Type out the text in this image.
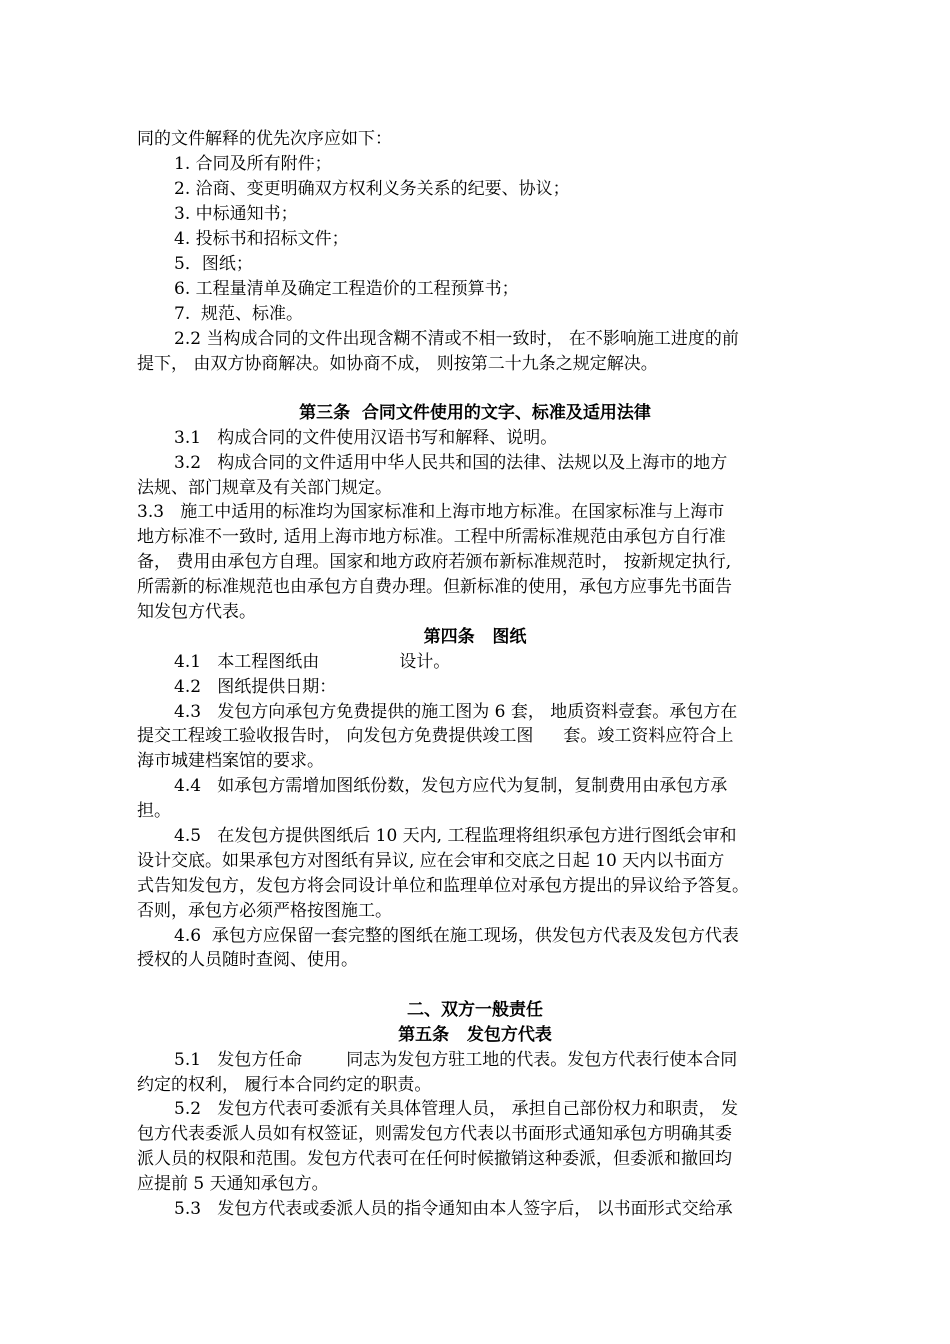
同的文件解释的优先次序应如下：
1. 合同及所有附件；
2. 洽商、变更明确双方权利义务关系的纪要、协议；
3. 中标通知书；
4. 投标书和招标文件；
5．图纸；
6. 工程量清单及确定工程造价的工程预算书；
7.  规范、标准。
2.2 当构成合同的文件出现含糊不清或不相一致时， 在不影响施工进度的前
提下， 由双方协商解决。如协商不成， 则按第二十九条之规定解决。
第三条  合同文件使用的文字、标准及适用法律
3.1   构成合同的文件使用汉语书写和解释、说明。
3.2   构成合同的文件适用中华人民共和国的法律、法规以及上海市的地方
法规、部门规章及有关部门规定。
3.3   施工中适用的标准均为国家标准和上海市地方标准。在国家标准与上海市
地方标准不一致时, 适用上海市地方标准。工程中所需标准规范由承包方自行准
备， 费用由承包方自理。国家和地方政府若颁布新标准规范时， 按新规定执行,
所需新的标准规范也由承包方自费办理。但新标准的使用，承包方应事先书面告
知发包方代表。
第四条   图纸
4.1   本工程图纸由	设计。
4.2   图纸提供日期：
4.3   发包方向承包方免费提供的施工图为 6 套， 地质资料壹套。承包方在
提交工程竣工验收报告时， 向发包方免费提供竣工图 套。竣工资料应符合上
海市城建档案馆的要求。
4.4   如承包方需增加图纸份数，发包方应代为复制，复制费用由承包方承
担。
4.5   在发包方提供图纸后 10 天内, 工程监理将组织承包方进行图纸会审和
设计交底。如果承包方对图纸有异议, 应在会审和交底之日起 10 天内以书面方
式告知发包方，发包方将会同设计单位和监理单位对承包方提出的异议给予答复。
否则，承包方必须严格按图施工。
4.6  承包方应保留一套完整的图纸在施工现场，供发包方代表及发包方代表
授权的人员随时查阅、使用。
二、双方一般责任
第五条   发包方代表
5.1   发包方任命	同志为发包方驻工地的代表。发包方代表行使本合同
约定的权利， 履行本合同约定的职责。
5.2   发包方代表可委派有关具体管理人员， 承担自己部份权力和职责， 发
包方代表委派人员如有权签证，则需发包方代表以书面形式通知承包方明确其委
派人员的权限和范围。发包方代表可在任何时候撤销这种委派，但委派和撤回均
应提前 5 天通知承包方。
5.3   发包方代表或委派人员的指令通知由本人签字后， 以书面形式交给承
